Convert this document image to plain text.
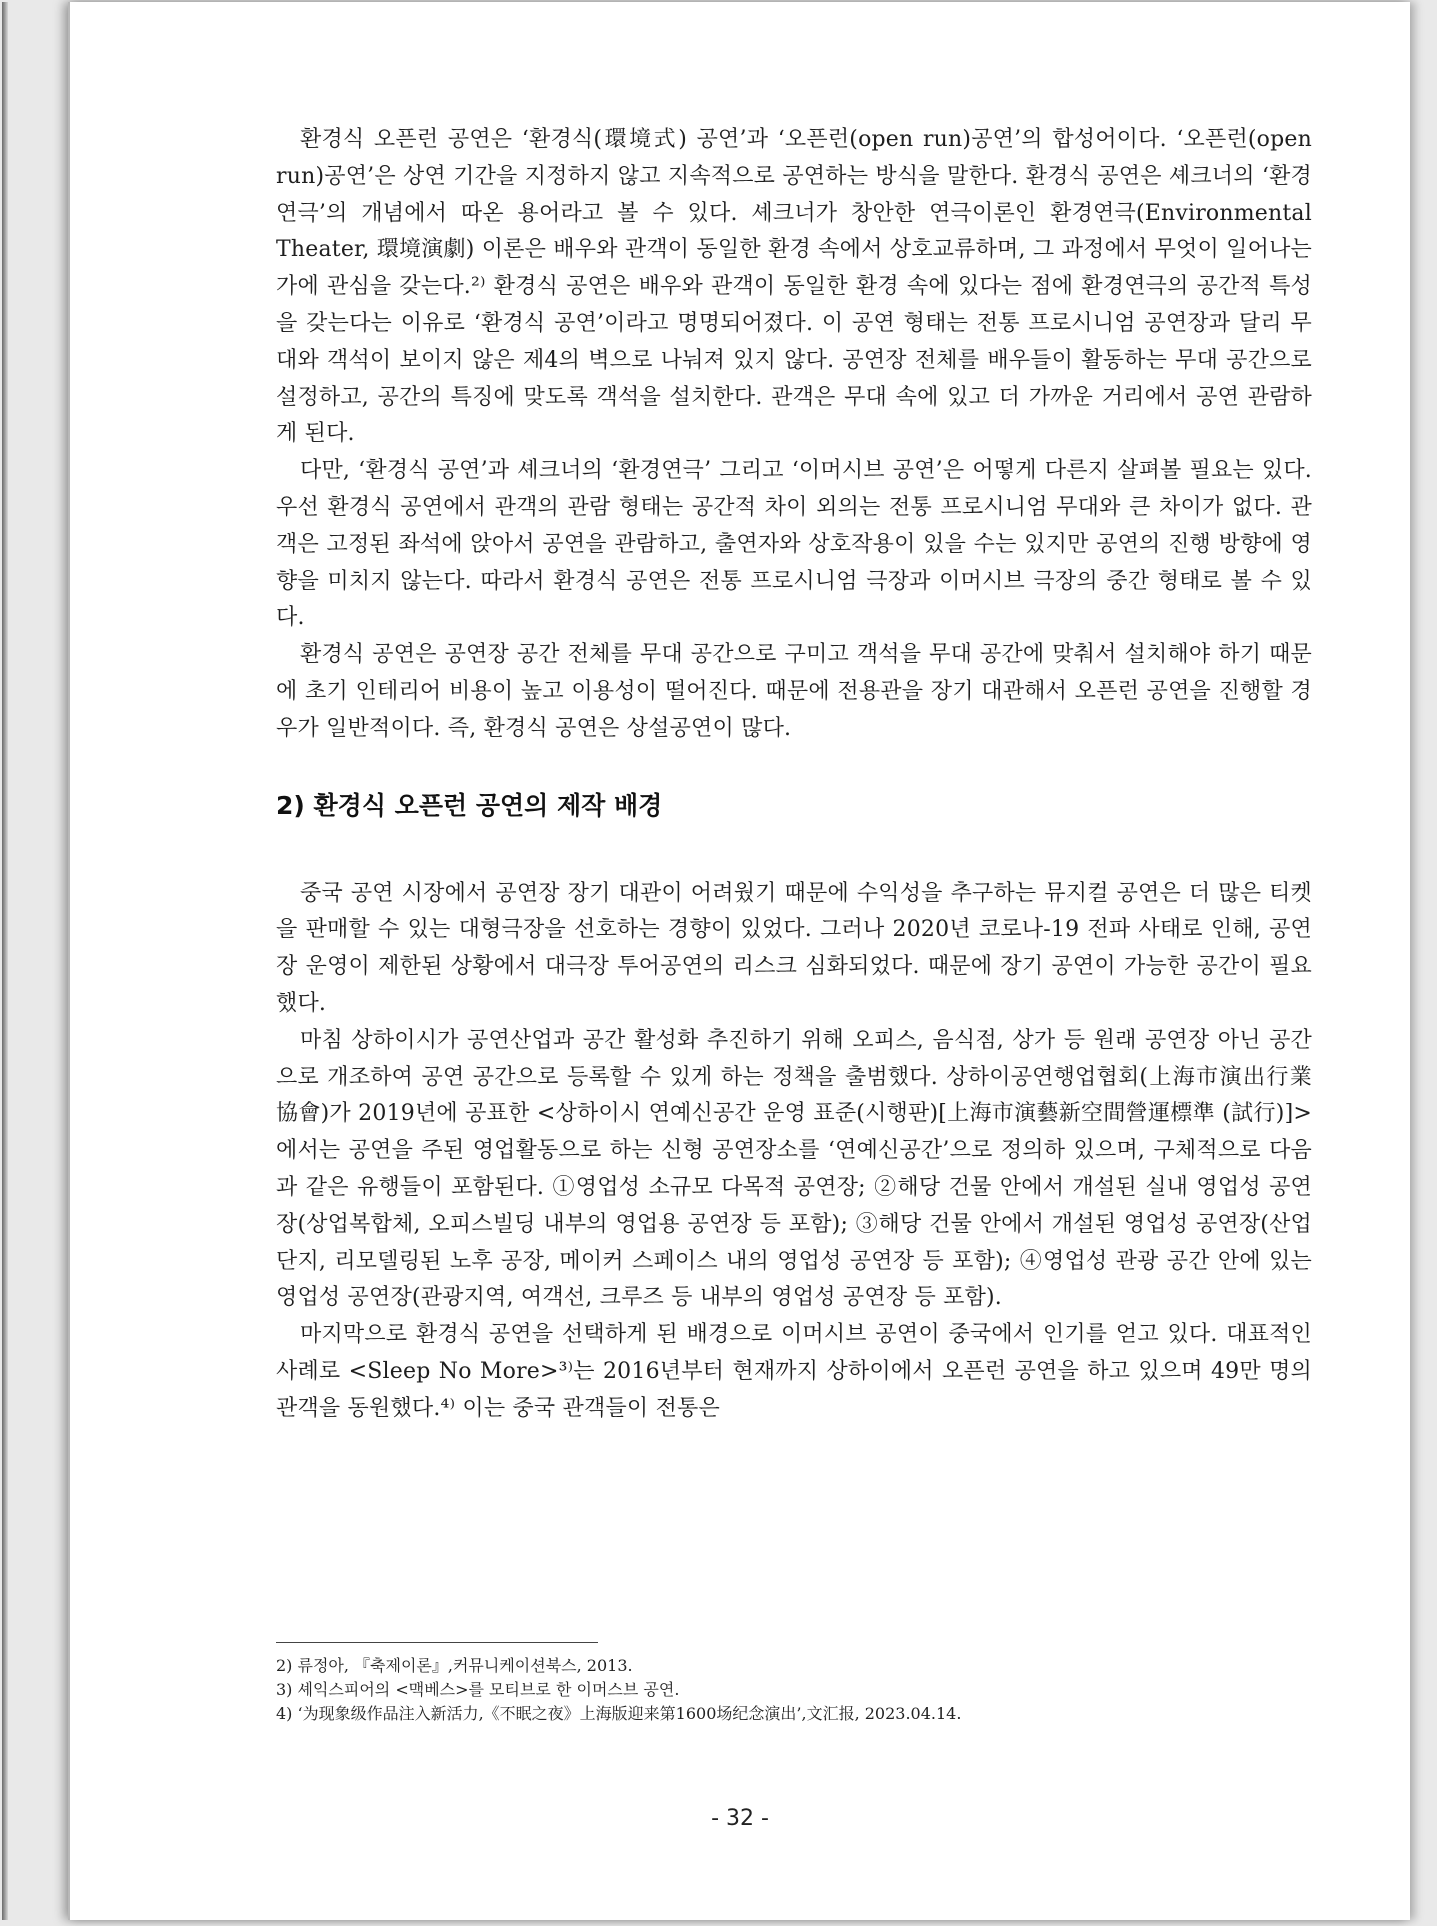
환경식 오픈런 공연은 ‘환경식(環境式) 공연’과 ‘오픈런(open run)공연’의 합성어이다. ‘오픈런(open run)공연’은 상연 기간을 지정하지 않고 지속적으로 공연하는 방식을 말한다. 환경식 공연은 셰크너의 ‘환경연극’의 개념에서 따온 용어라고 볼 수 있다. 셰크너가 창안한 연극이론인 환경연극(Environmental Theater, 環境演劇) 이론은 배우와 관객이 동일한 환경 속에서 상호교류하며, 그 과정에서 무엇이 일어나는가에 관심을 갖는다.²⁾ 환경식 공연은 배우와 관객이 동일한 환경 속에 있다는 점에 환경연극의 공간적 특성을 갖는다는 이유로 ‘환경식 공연’이라고 명명되어졌다. 이 공연 형태는 전통 프로시니엄 공연장과 달리 무대와 객석이 보이지 않은 제4의 벽으로 나눠져 있지 않다. 공연장 전체를 배우들이 활동하는 무대 공간으로 설정하고, 공간의 특징에 맞도록 객석을 설치한다. 관객은 무대 속에 있고 더 가까운 거리에서 공연 관람하게 된다.

다만, ‘환경식 공연’과 셰크너의 ‘환경연극’ 그리고 ‘이머시브 공연’은 어떻게 다른지 살펴볼 필요는 있다. 우선 환경식 공연에서 관객의 관람 형태는 공간적 차이 외의는 전통 프로시니엄 무대와 큰 차이가 없다. 관객은 고정된 좌석에 앉아서 공연을 관람하고, 출연자와 상호작용이 있을 수는 있지만 공연의 진행 방향에 영향을 미치지 않는다. 따라서 환경식 공연은 전통 프로시니엄 극장과 이머시브 극장의 중간 형태로 볼 수 있다.

환경식 공연은 공연장 공간 전체를 무대 공간으로 구미고 객석을 무대 공간에 맞춰서 설치해야 하기 때문에 초기 인테리어 비용이 높고 이용성이 떨어진다. 때문에 전용관을 장기 대관해서 오픈런 공연을 진행할 경우가 일반적이다. 즉, 환경식 공연은 상설공연이 많다.

2) 환경식 오픈런 공연의 제작 배경

중국 공연 시장에서 공연장 장기 대관이 어려웠기 때문에 수익성을 추구하는 뮤지컬 공연은 더 많은 티켓을 판매할 수 있는 대형극장을 선호하는 경향이 있었다. 그러나 2020년 코로나-19 전파 사태로 인해, 공연장 운영이 제한된 상황에서 대극장 투어공연의 리스크 심화되었다. 때문에 장기 공연이 가능한 공간이 필요했다.

마침 상하이시가 공연산업과 공간 활성화 추진하기 위해 오피스, 음식점, 상가 등 원래 공연장 아닌 공간으로 개조하여 공연 공간으로 등록할 수 있게 하는 정책을 출범했다. 상하이공연행업협회(上海市演出行業協會)가 2019년에 공표한 <상하이시 연예신공간 운영 표준(시행판)[上海市演藝新空間營運標準 (試行)]>에서는 공연을 주된 영업활동으로 하는 신형 공연장소를 ‘연예신공간’으로 정의하 있으며, 구체적으로 다음과 같은 유행들이 포함된다. ①영업성 소규모 다목적 공연장; ②해당 건물 안에서 개설된 실내 영업성 공연장(상업복합체, 오피스빌딩 내부의 영업용 공연장 등 포함); ③해당 건물 안에서 개설된 영업성 공연장(산업단지, 리모델링된 노후 공장, 메이커 스페이스 내의 영업성 공연장 등 포함); ④영업성 관광 공간 안에 있는 영업성 공연장(관광지역, 여객선, 크루즈 등 내부의 영업성 공연장 등 포함).

마지막으로 환경식 공연을 선택하게 된 배경으로 이머시브 공연이 중국에서 인기를 얻고 있다. 대표적인 사례로 <Sleep No More>³⁾는 2016년부터 현재까지 상하이에서 오픈런 공연을 하고 있으며 49만 명의 관객을 동원했다.⁴⁾ 이는 중국 관객들이 전통은

2) 류정아, 『축제이론』,커뮤니케이션북스, 2013.

3) 셰익스피어의 <맥베스>를 모티브로 한 이머스브 공연.

4) ‘为现象级作品注入新活力,《不眠之夜》上海版迎来第1600场纪念演出’,文汇报, 2023.04.14.

- 32 -
